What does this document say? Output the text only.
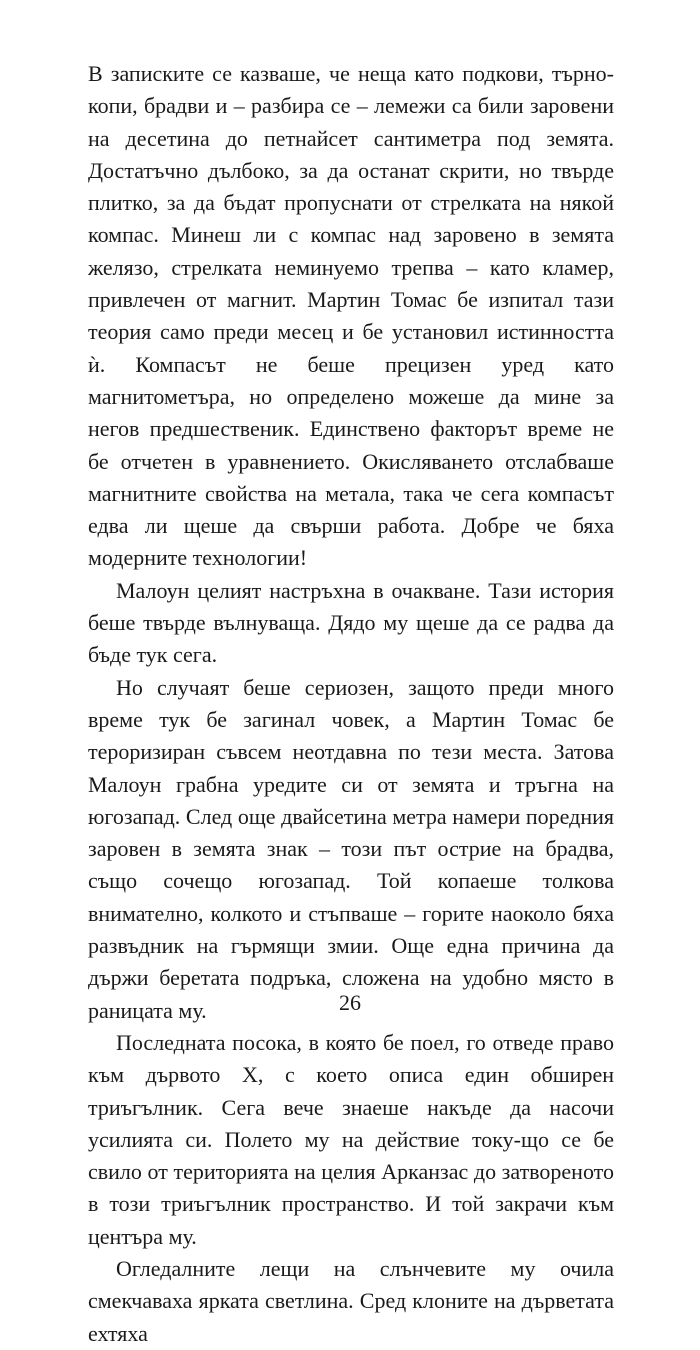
В записките се казваше, че неща като подкови, търнокопи, брадви и – разбира се – лемежи са били заровени на десетина до петнайсет сантиметра под земята. Достатъчно дълбоко, за да останат скрити, но твърде плитко, за да бъдат пропуснати от стрелката на някой компас. Минеш ли с компас над заровено в земята желязо, стрелката неминуемо трепва – като кламер, привлечен от магнит. Мартин Томас бе изпитал тази теория само преди месец и бе установил истинността ѝ. Компасът не беше прецизен уред като магнитометъра, но определено можеше да мине за негов предшественик. Единствено факторът време не бе отчетен в уравнението. Окисляването отслабваше магнитните свойства на метала, така че сега компасът едва ли щеше да свърши работа. Добре че бяха модерните технологии!

Малоун целият настръхна в очакване. Тази история беше твърде вълнуваща. Дядо му щеше да се радва да бъде тук сега.

Но случаят беше сериозен, защото преди много време тук бе загинал човек, а Мартин Томас бе тероризиран съвсем неотдавна по тези места. Затова Малоун грабна уредите си от земята и тръгна на югозапад. След още двайсетина метра намери поредния заровен в земята знак – този път острие на брадва, също сочещо югозапад. Той копаеше толкова внимателно, колкото и стъпваше – горите наоколо бяха развъдник на гърмящи змии. Още една причина да държи беретата подръка, сложена на удобно място в раницата му.

Последната посока, в която бе поел, го отведе право към дървото Х, с което описа един обширен триъгълник. Сега вече знаеше накъде да насочи усилията си. Полето му на действие току-що се бе свило от територията на целия Арканзас до затвореното в този триъгълник пространство. И той закрачи към центъра му.

Огледалните лещи на слънчевите му очила смекчаваха ярката светлина. Сред клоните на дърветата ехтяха

26
